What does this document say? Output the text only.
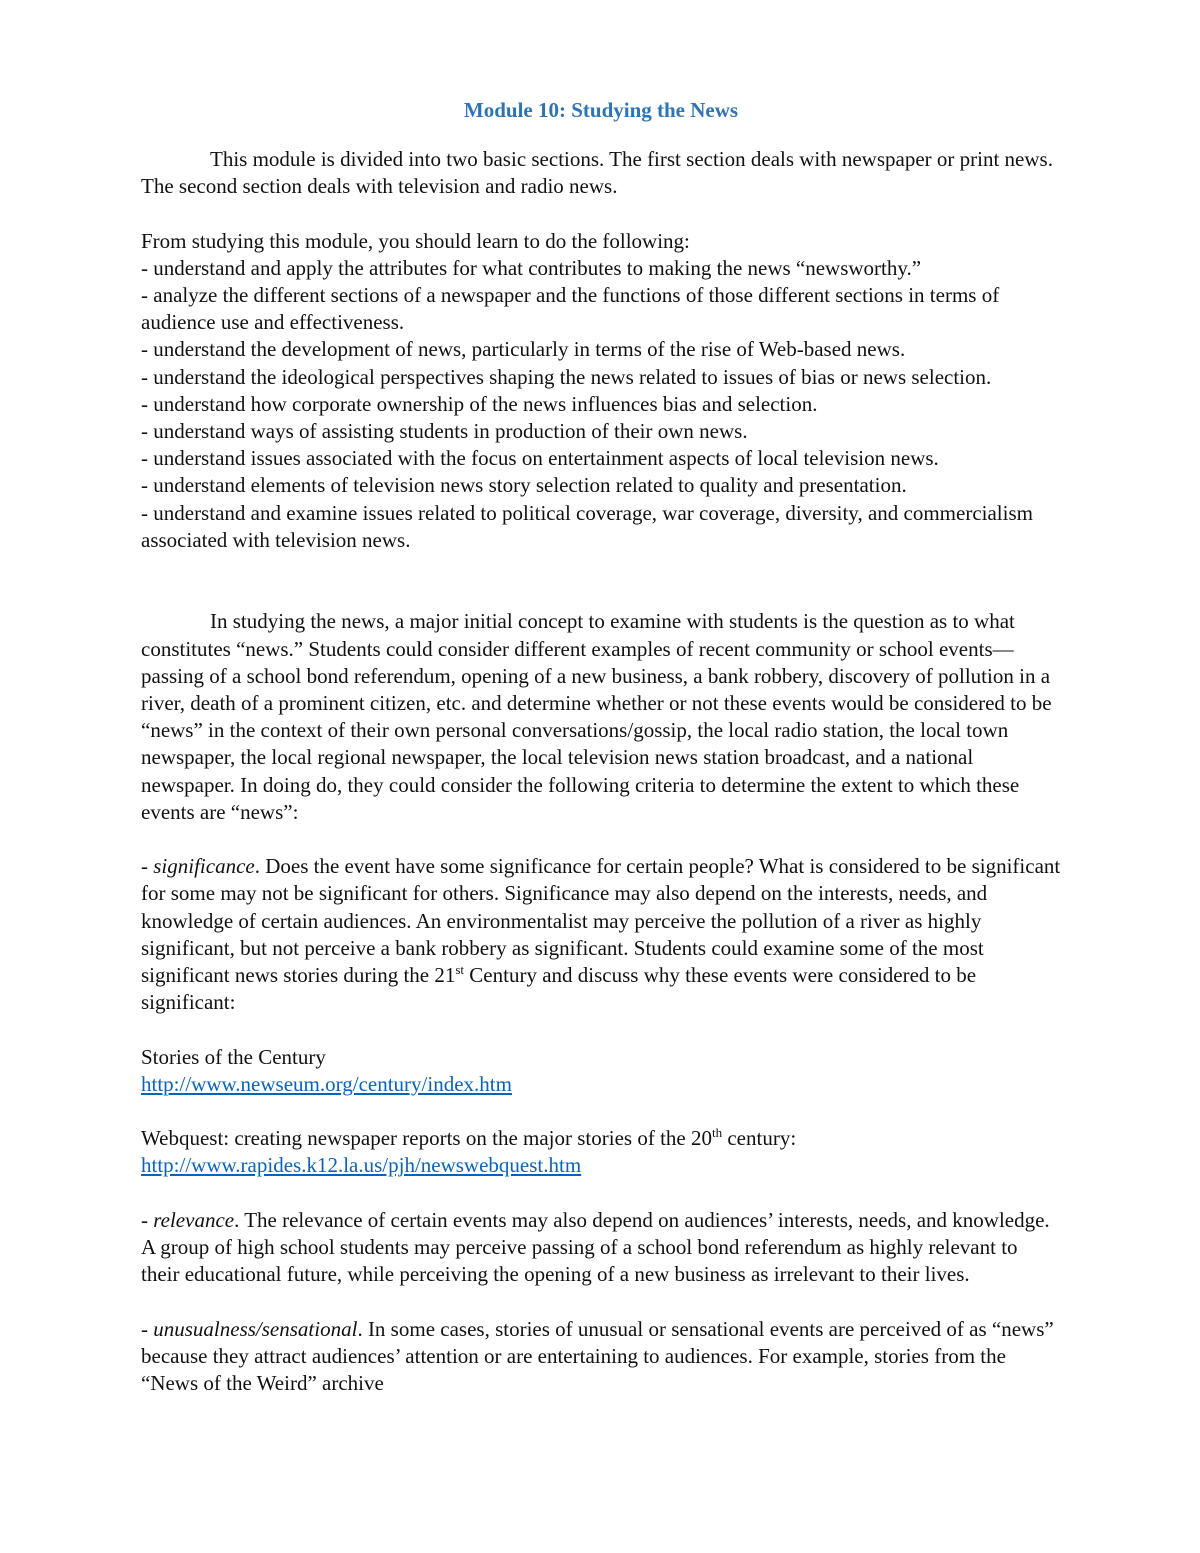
Module 10: Studying the News

This module is divided into two basic sections. The first section deals with newspaper or print news. The second section deals with television and radio news.

From studying this module, you should learn to do the following:

- understand and apply the attributes for what contributes to making the news “newsworthy.”
- analyze the different sections of a newspaper and the functions of those different sections in terms of audience use and effectiveness.
- understand the development of news, particularly in terms of the rise of Web-based news.
- understand the ideological perspectives shaping the news related to issues of bias or news selection.
- understand how corporate ownership of the news influences bias and selection.
- understand ways of assisting students in production of their own news.
- understand issues associated with the focus on entertainment aspects of local television news.
- understand elements of television news story selection related to quality and presentation.
- understand and examine issues related to political coverage, war coverage, diversity, and commercialism associated with television news.

In studying the news, a major initial concept to examine with students is the question as to what constitutes “news.” Students could consider different examples of recent community or school events—passing of a school bond referendum, opening of a new business, a bank robbery, discovery of pollution in a river, death of a prominent citizen, etc. and determine whether or not these events would be considered to be “news” in the context of their own personal conversations/gossip, the local radio station, the local town newspaper, the local regional newspaper, the local television news station broadcast, and a national newspaper. In doing do, they could consider the following criteria to determine the extent to which these events are “news”:

- significance. Does the event have some significance for certain people? What is considered to be significant for some may not be significant for others. Significance may also depend on the interests, needs, and knowledge of certain audiences. An environmentalist may perceive the pollution of a river as highly significant, but not perceive a bank robbery as significant. Students could examine some of the most significant news stories during the 21st Century and discuss why these events were considered to be significant:

Stories of the Century

http://www.newseum.org/century/index.htm

Webquest: creating newspaper reports on the major stories of the 20th century:

http://www.rapides.k12.la.us/pjh/newswebquest.htm

- relevance. The relevance of certain events may also depend on audiences’ interests, needs, and knowledge. A group of high school students may perceive passing of a school bond referendum as highly relevant to their educational future, while perceiving the opening of a new business as irrelevant to their lives.

- unusualness/sensational. In some cases, stories of unusual or sensational events are perceived of as “news” because they attract audiences’ attention or are entertaining to audiences. For example, stories from the “News of the Weird” archive
